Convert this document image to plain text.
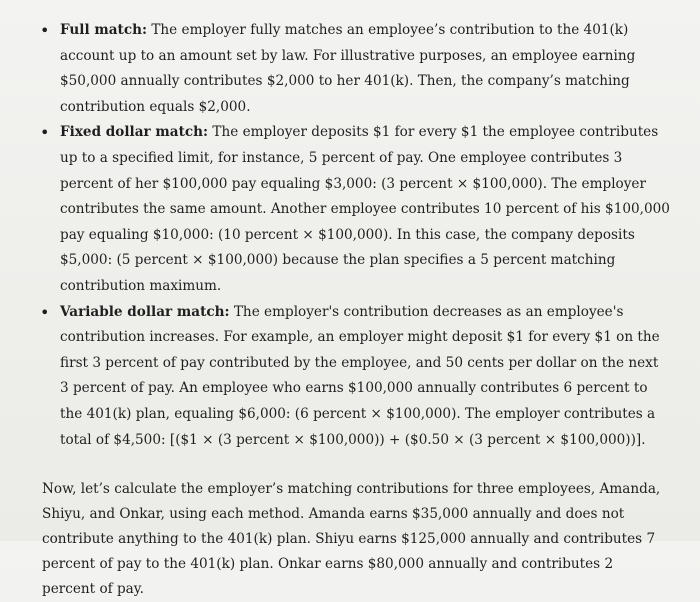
• Full match: The employer fully matches an employee’s contribution to the 401(k) account up to an amount set by law. For illustrative purposes, an employee earning $50,000 annually contributes $2,000 to her 401(k). Then, the company’s matching contribution equals $2,000.
• Fixed dollar match: The employer deposits $1 for every $1 the employee contributes up to a specified limit, for instance, 5 percent of pay. One employee contributes 3 percent of her $100,000 pay equaling $3,000: (3 percent × $100,000). The employer contributes the same amount. Another employee contributes 10 percent of his $100,000 pay equaling $10,000: (10 percent × $100,000). In this case, the company deposits $5,000: (5 percent × $100,000) because the plan specifies a 5 percent matching contribution maximum.
• Variable dollar match: The employer's contribution decreases as an employee's contribution increases. For example, an employer might deposit $1 for every $1 on the first 3 percent of pay contributed by the employee, and 50 cents per dollar on the next 3 percent of pay. An employee who earns $100,000 annually contributes 6 percent to the 401(k) plan, equaling $6,000: (6 percent × $100,000). The employer contributes a total of $4,500: [($1 × (3 percent × $100,000)) + ($0.50 × (3 percent × $100,000))].

Now, let’s calculate the employer’s matching contributions for three employees, Amanda, Shiyu, and Onkar, using each method. Amanda earns $35,000 annually and does not contribute anything to the 401(k) plan. Shiyu earns $125,000 annually and contributes 7 percent of pay to the 401(k) plan. Onkar earns $80,000 annually and contributes 2 percent of pay.
